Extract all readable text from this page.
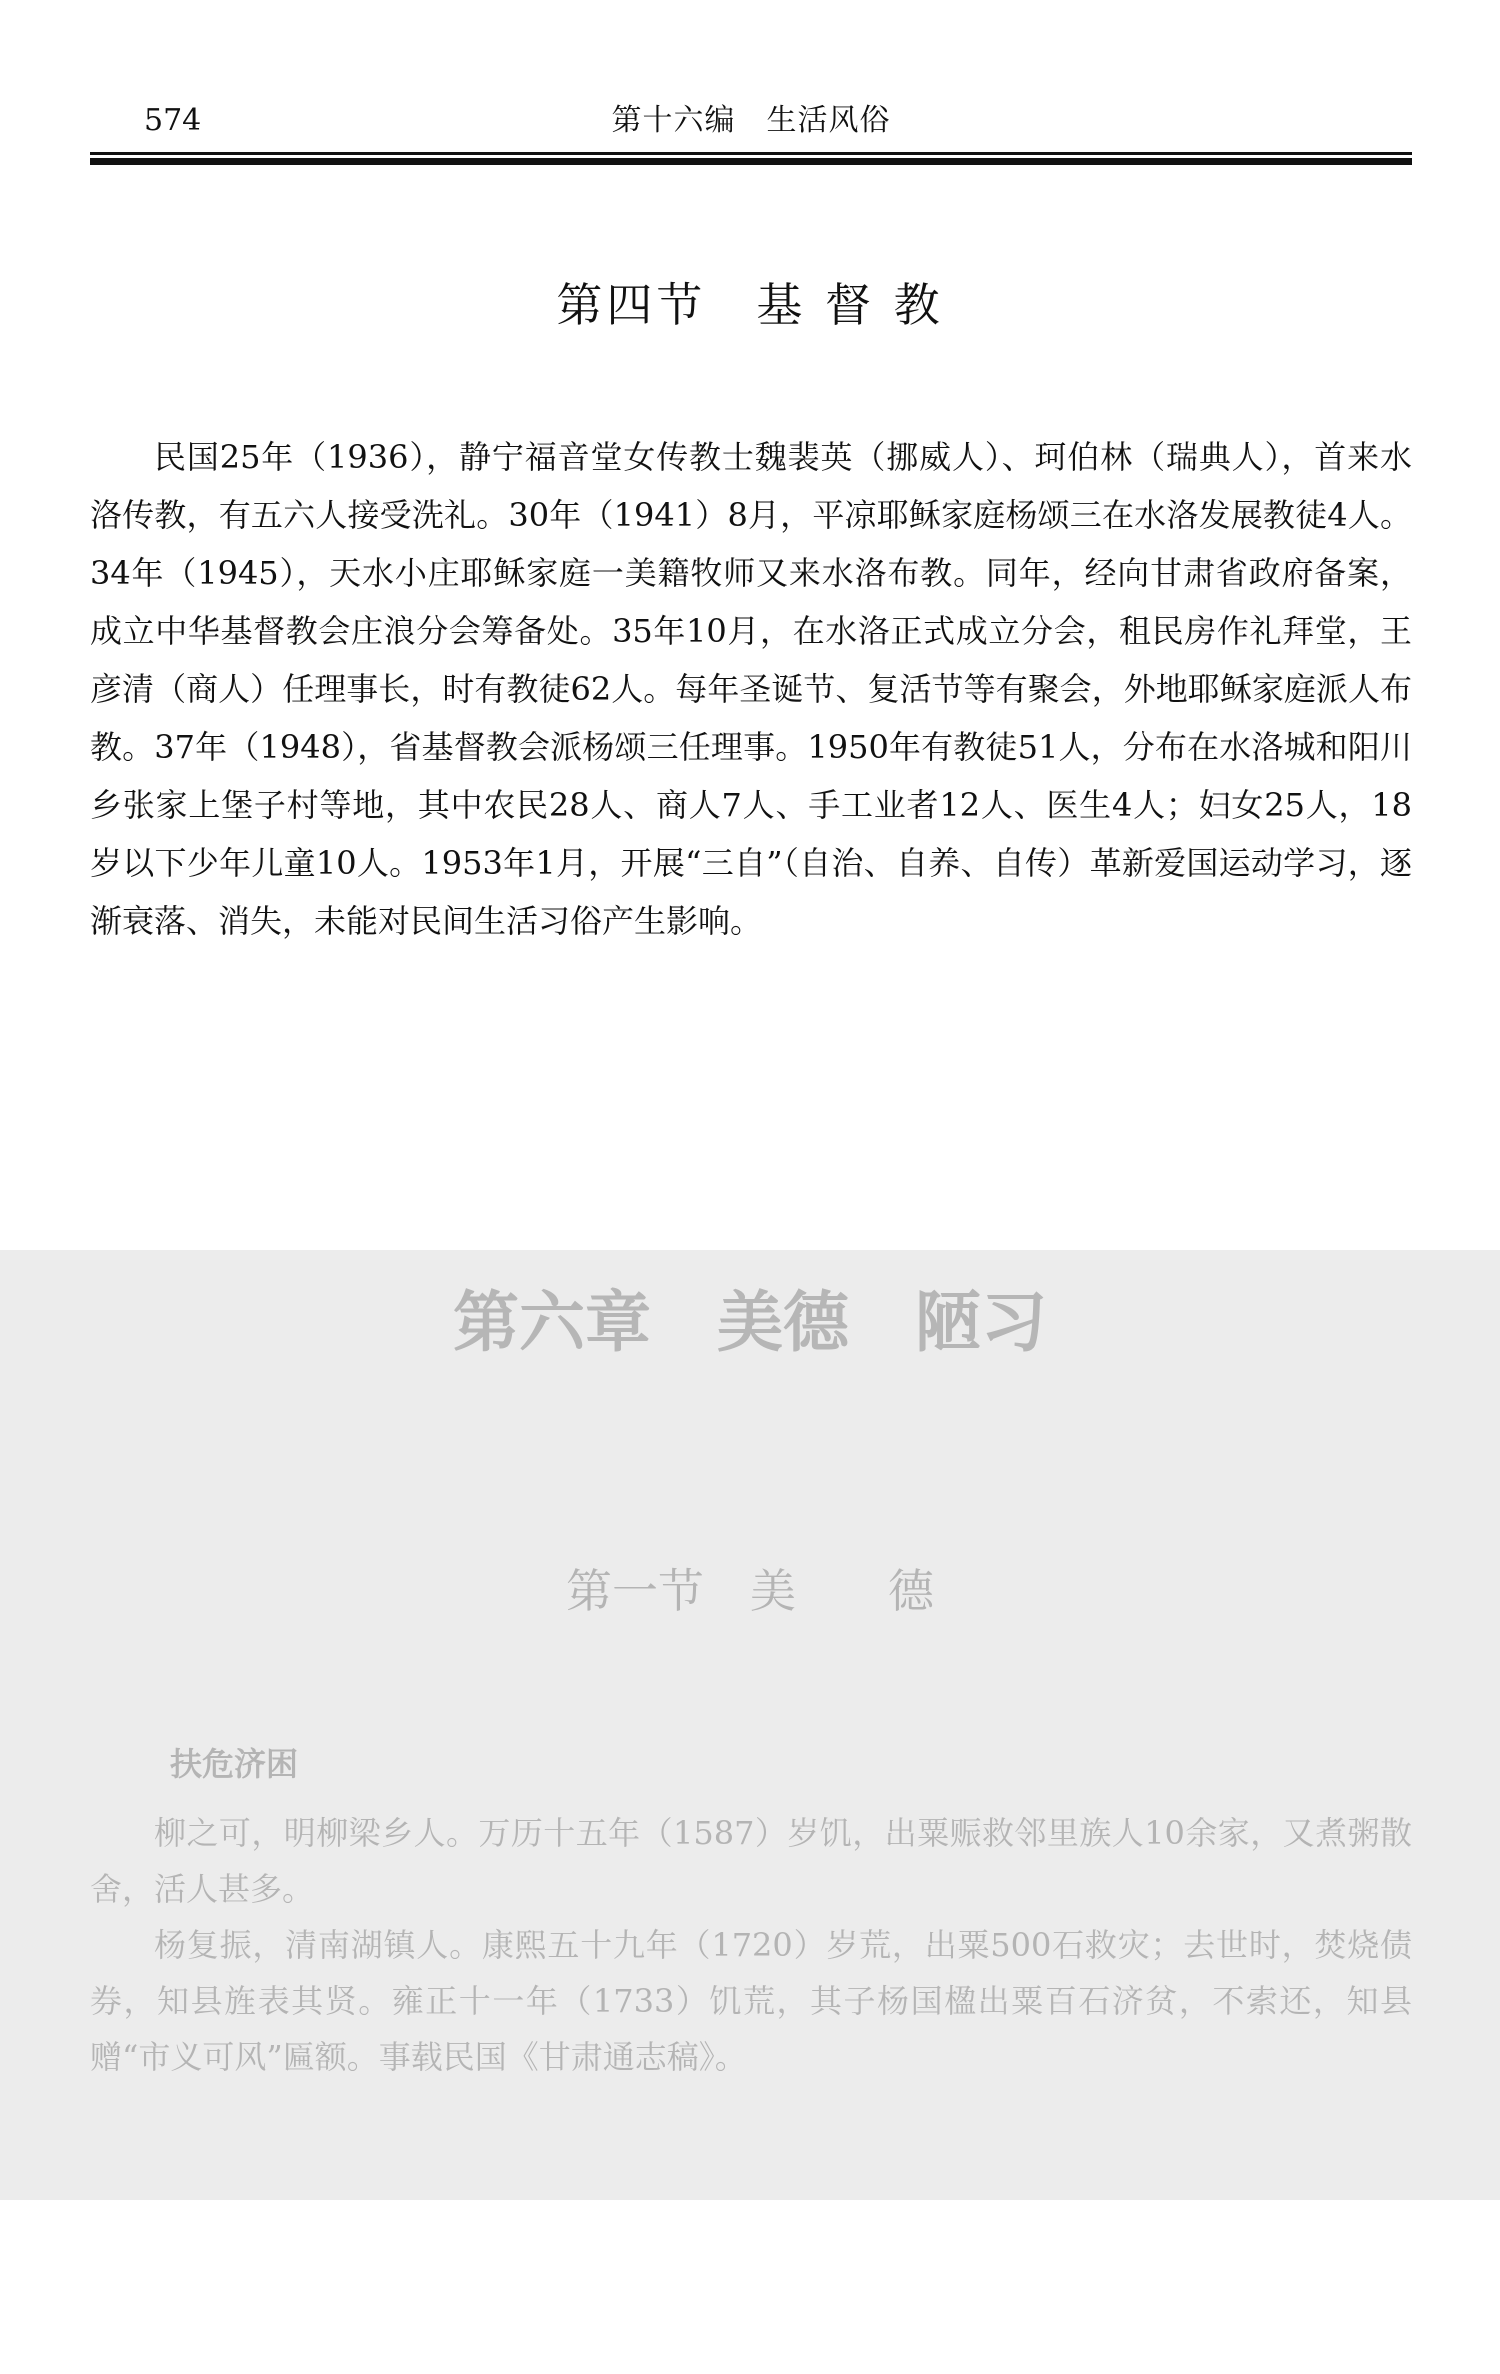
574	第十六编　生活风俗
第四节　基 督 教

民国25年（1936），静宁福音堂女传教士魏裴英（挪威人）、珂伯林（瑞典人），首来水洛传教，有五六人接受洗礼。30年（1941）8月，平凉耶稣家庭杨颂三在水洛发展教徒4人。34年（1945），天水小庄耶稣家庭一美籍牧师又来水洛布教。同年，经向甘肃省政府备案，成立中华基督教会庄浪分会筹备处。35年10月，在水洛正式成立分会，租民房作礼拜堂，王彦清（商人）任理事长，时有教徒62人。每年圣诞节、复活节等有聚会，外地耶稣家庭派人布教。37年（1948），省基督教会派杨颂三任理事。1950年有教徒51人，分布在水洛城和阳川乡张家上堡子村等地，其中农民28人、商人7人、手工业者12人、医生4人；妇女25人，18岁以下少年儿童10人。1953年1月，开展“三自”（自治、自养、自传）革新爱国运动学习，逐渐衰落、消失，未能对民间生活习俗产生影响。

第六章　美德　陋习
第一节　美　　德
扶危济困

柳之可，明柳梁乡人。万历十五年（1587）岁饥，出粟赈救邻里族人10余家，又煮粥散舍，活人甚多。

杨复振，清南湖镇人。康熙五十九年（1720）岁荒，出粟500石救灾；去世时，焚烧债券，知县旌表其贤。雍正十一年（1733）饥荒，其子杨国楹出粟百石济贫，不索还，知县赠“市义可风”匾额。事载民国《甘肃通志稿》。
